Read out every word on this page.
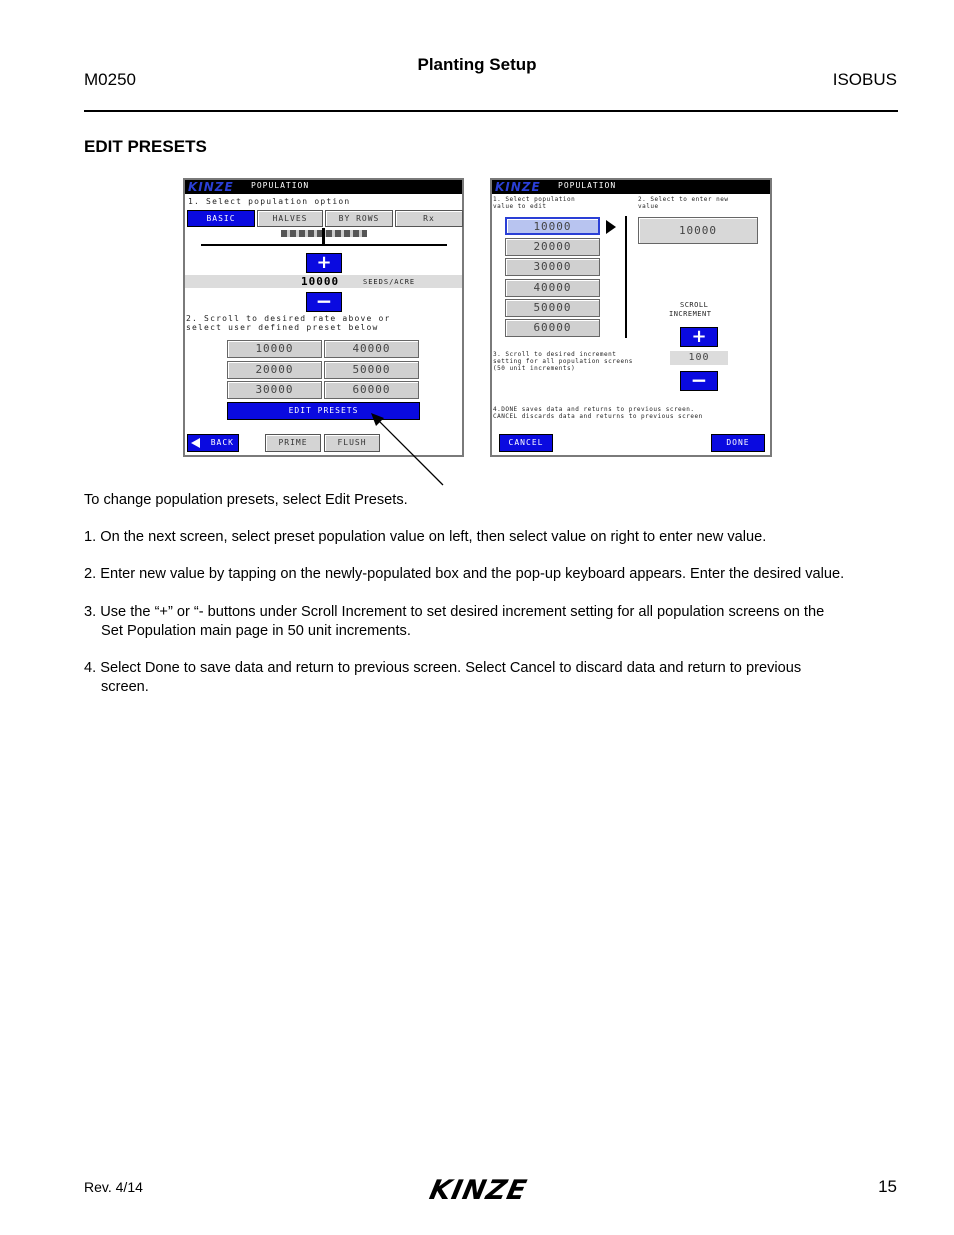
Planting Setup
M0250	ISOBUS
EDIT PRESETS
KINZE POPULATION
1. Select population option
BASIC	HALVES	BY ROWS	Rx
+
10000	SEEDS/ACRE
−
2. Scroll to desired rate above or
select user defined preset below
10000	40000
20000	50000
30000	60000
EDIT PRESETS
BACK	PRIME	FLUSH
KINZE POPULATION
1. Select population
value to edit
2. Select to enter new
value
10000
20000
30000
40000
50000
60000
10000
SCROLL
INCREMENT
+
100
−
3. Scroll to desired increment
setting for all population screens
(50 unit increments)
4.DONE saves data and returns to previous screen.
CANCEL discards data and returns to previous screen
CANCEL	DONE
To change population presets, select Edit Presets.
1. On the next screen, select preset population value on left, then select value on right to enter new value.
2. Enter new value by tapping on the newly-populated box and the pop-up keyboard appears. Enter the desired value.
3. Use the “+” or “- buttons under Scroll Increment to set desired increment setting for all population screens on the
Set Population main page in 50 unit increments.
4. Select Done to save data and return to previous screen. Select Cancel to discard data and return to previous
screen.
Rev. 4/14	KINZE	15
